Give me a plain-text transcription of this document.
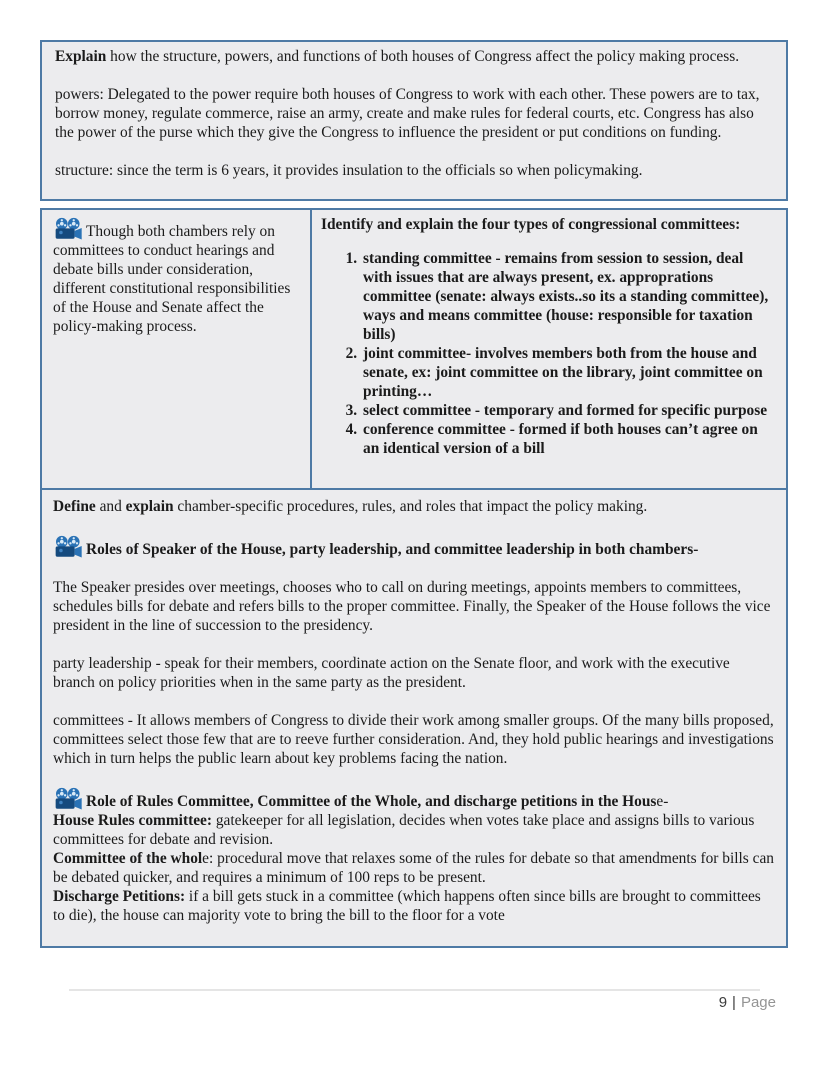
Explain how the structure, powers, and functions of both houses of Congress affect the policy making process.

powers: Delegated to the power require both houses of Congress to work with each other. These powers are to tax, borrow money, regulate commerce, raise an army, create and make rules for federal courts, etc. Congress has also the power of the purse which they give the Congress to influence the president or put conditions on funding.

structure: since the term is 6 years, it provides insulation to the officials so when policymaking.

Though both chambers rely on committees to conduct hearings and debate bills under consideration, different constitutional responsibilities of the House and Senate affect the policy-making process.

Identify and explain the four types of congressional committees:

1. standing committee - remains from session to session, deal with issues that are always present, ex. approprations committee (senate: always exists..so its a standing committee), ways and means committee (house: responsible for taxation bills)
2. joint committee- involves members both from the house and senate, ex: joint committee on the library, joint committee on printing…
3. select committee - temporary and formed for specific purpose
4. conference committee - formed if both houses can’t agree on an identical version of a bill

Define and explain chamber-specific procedures, rules, and roles that impact the policy making.

Roles of Speaker of the House, party leadership, and committee leadership in both chambers-

The Speaker presides over meetings, chooses who to call on during meetings, appoints members to committees, schedules bills for debate and refers bills to the proper committee. Finally, the Speaker of the House follows the vice president in the line of succession to the presidency.

party leadership - speak for their members, coordinate action on the Senate floor, and work with the executive branch on policy priorities when in the same party as the president.

committees - It allows members of Congress to divide their work among smaller groups. Of the many bills proposed, committees select those few that are to reeve further consideration. And, they hold public hearings and investigations which in turn helps the public learn about key problems facing the nation.

Role of Rules Committee, Committee of the Whole, and discharge petitions in the House-

House Rules committee: gatekeeper for all legislation, decides when votes take place and assigns bills to various committees for debate and revision.

Committee of the whole: procedural move that relaxes some of the rules for debate so that amendments for bills can be debated quicker, and requires a minimum of 100 reps to be present.

Discharge Petitions: if a bill gets stuck in a committee (which happens often since bills are brought to committees to die), the house can majority vote to bring the bill to the floor for a vote

9 | Page
